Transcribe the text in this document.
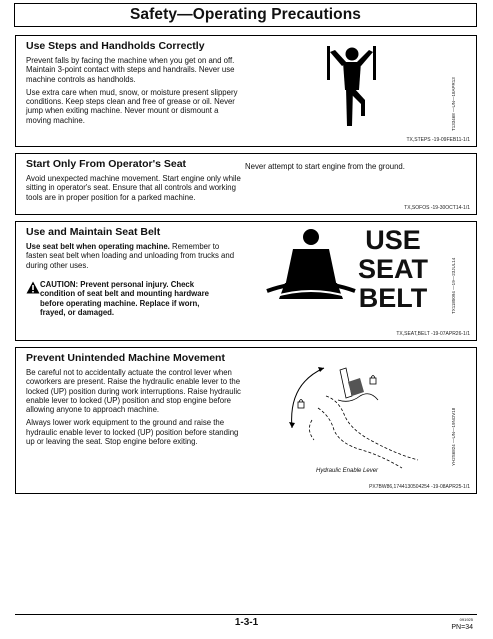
Safety—Operating Precautions
Use Steps and Handholds Correctly

Prevent falls by facing the machine when you get on and off. Maintain 3-point contact with steps and handrails. Never use machine controls as handholds.

Use extra care when mud, snow, or moisture present slippery conditions. Keep steps clean and free of grease or oil. Never jump when exiting machine. Never mount or dismount a moving machine.	T133468 —UN—18APR13
TX,STEPS -19-09FEB11-1/1
Start Only From Operator's Seat

Avoid unexpected machine movement. Start engine only while sitting in operator's seat. Ensure that all controls and working tools are in proper position for a parked machine.

Never attempt to start engine from the ground.
TX,SOFOS -19-30OCT14-1/1
Use and Maintain Seat Belt

Use seat belt when operating machine. Remember to fasten seat belt when loading and unloading from trucks and during other uses.

CAUTION: Prevent personal injury. Check
condition of seat belt and mounting hardware
before operating machine. Replace if worn,
frayed, or damaged.
USE
SEAT
BELT	TX1185094 —19—23JUL14
TX,SEAT,BELT -19-07APR26-1/1
Prevent Unintended Machine Movement

Be careful not to accidentally actuate the control lever when coworkers are present. Raise the hydraulic enable lever to the locked (UP) position during work interruptions. Raise hydraulic enable lever to locked (UP) position and stop engine before allowing anyone to approach machine.

Always lower work equipment to the ground and raise the hydraulic enable lever to locked (UP) position before standing up or leaving the seat. Stop engine before exiting.

Hydraulic Enable Lever
YH2S6824 —UN—19NOV18
PX7BW86,1744130504254 -19-08APR25-1/1
1-3-1	091925
PN=34
